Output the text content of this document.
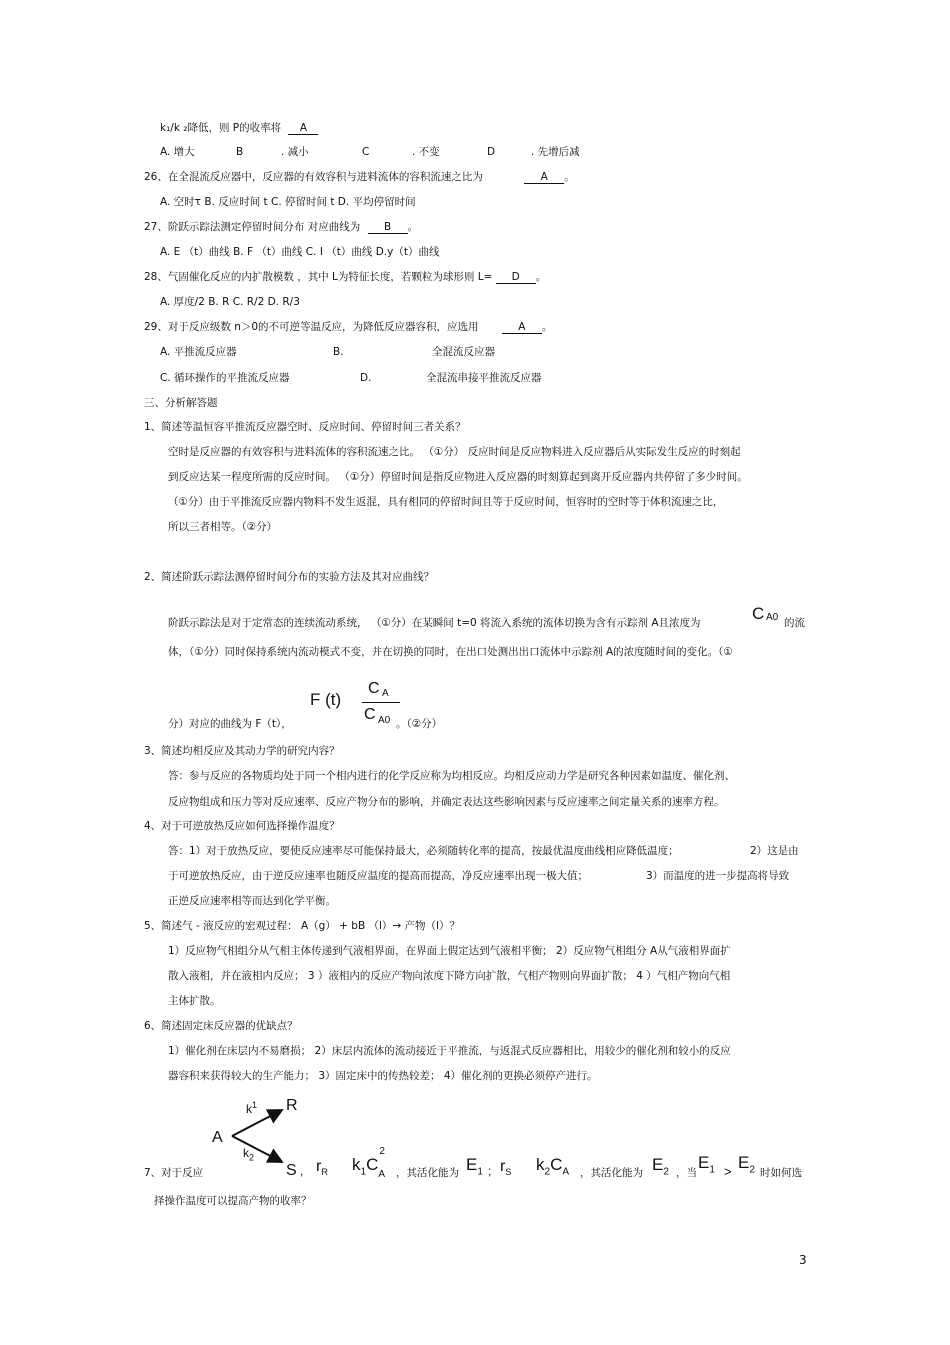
k₁/k ₂降低，则 P的收率将 A
A. 增大	B	. 减小	C	. 不变	D	. 先增后减
26、在全混流反应器中，反应器的有效容积与进料流体的容积流速之比为	A 。
A. 空时τ B. 反应时间 t C. 停留时间 t D. 平均停留时间
27、阶跃示踪法测定停留时间分布 对应曲线为 B 。
A. E （t）曲线 B. F （t）曲线 C. I （t）曲线 D.y（t）曲线
28、气固催化反应的内扩散模数 ，其中 L为特征长度，若颗粒为球形则 L= D 。
A. 厚度/2 B. R C. R/2 D. R/3
29、对于反应级数 n＞0的不可逆等温反应，为降低反应器容积，应选用	A 。
A. 平推流反应器	B.	全混流反应器
C. 循环操作的平推流反应器	D.	全混流串接平推流反应器
三、分析解答题
1、简述等温恒容平推流反应器空时、反应时间、停留时间三者关系？
空时是反应器的有效容积与进料流体的容积流速之比。 （①分） 反应时间是反应物料进入反应器后从实际发生反应的时刻起
到反应达某一程度所需的反应时间。 （①分）停留时间是指反应物进入反应器的时刻算起到离开反应器内共停留了多少时间。
（①分）由于平推流反应器内物料不发生返混，具有相同的停留时间且等于反应时间，恒容时的空时等于体积流速之比，
所以三者相等。（②分）
2、简述阶跃示踪法测停留时间分布的实验方法及其对应曲线？
阶跃示踪法是对于定常态的连续流动系统， （①分）在某瞬间 t=0 将流入系统的流体切换为含有示踪剂 A且浓度为	C A0 的流
体，（①分）同时保持系统内流动模式不变，并在切换的同时，在出口处测出出口流体中示踪剂 A的浓度随时间的变化。（①
F (t)
C A
C A0
分）对应的曲线为 F（t），	。（②分）
3、简述均相反应及其动力学的研究内容？
答：参与反应的各物质均处于同一个相内进行的化学反应称为均相反应。均相反应动力学是研究各种因素如温度、催化剂、
反应物组成和压力等对反应速率、反应产物分布的影响，并确定表达这些影响因素与反应速率之间定量关系的速率方程。
4、对于可逆放热反应如何选择操作温度？
答：1）对于放热反应，要使反应速率尽可能保持最大，必须随转化率的提高，按最优温度曲线相应降低温度；	2）这是由
于可逆放热反应，由于逆反应速率也随反应温度的提高而提高，净反应速率出现一极大值；	3）而温度的进一步提高将导致
正逆反应速率相等而达到化学平衡。
5、简述气 - 液反应的宏观过程： A（g） + bB （l）→ 产物（l）？
1）反应物气相组分从气相主体传递到气液相界面，在界面上假定达到气液相平衡； 2）反应物气相组分 A从气液相界面扩
散入液相，并在液相内反应； 3 ）液相内的反应产物向浓度下降方向扩散，气相产物则向界面扩散； 4 ）气相产物向气相
主体扩散。
6、简述固定床反应器的优缺点？
1）催化剂在床层内不易磨损； 2）床层内流体的流动接近于平推流，与返混式反应器相比，用较少的催化剂和较小的反应
器容积来获得较大的生产能力； 3）固定床中的传热较差； 4）催化剂的更换必须停产进行。
$k^1$ R
A
$k_2$
S
7、对于反应	, $r_R$ $k_1C$
2
$_A$ ，其活化能为 $E_1$ ; $r_S$ $k_2C_A$ ，其活化能为 $E_2$ ，当
$E_1 > E_2$ 时如何选
择操作温度可以提高产物的收率？
3
